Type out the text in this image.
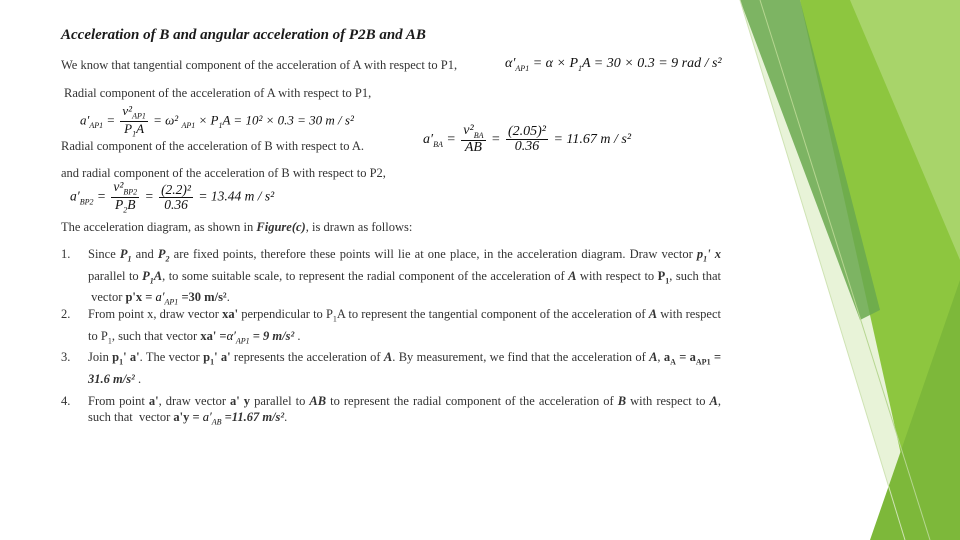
Acceleration of B and angular acceleration of P2B and AB
We know that tangential component of the acceleration of A with respect to P1,	$\alpha'_{AP1} = \alpha \times P_1A = 30 \times 0.3 = 9$ rad / s²
Radial component of the acceleration of A with respect to P1,
$a'_{AP1} = \frac{v^2_{AP1}}{P_1A} = \omega^2$ $_{AP1} \times P_1A = 10^2 \times 0.3 = 30$ m / s²
Radial component of the acceleration of B with respect to A.	$a'_{BA} = \frac{v^2_{BA}}{AB} = \frac{\text{(2.05)²}}{0.36} = 11.67$ m / s²
and radial component of the acceleration of B with respect to P2,
$a'_{BP2} = \frac{v^2_{BP2}}{P_2B} = \frac{\text{(2.2)²}}{0.36} = 13.44$ m / s²
The acceleration diagram, as shown in Figure(c), is drawn as follows:
1. Since $P_1$ and $P_2$ are fixed points, therefore these points will lie at one place, in the acceleration diagram. Draw vector $p_1'$ x parallel to $P_1A$, to some suitable scale, to represent the radial component of the acceleration of A with respect to $P_1$, such that  vector $p'x = a'_{AP1} =30$ m/s².
2. From point x, draw vector xa' perpendicular to $P_1A$ to represent the tangential component of the acceleration of A with respect to $P_1$, such that vector $xa' =\alpha'_{AP1} = 9$ m/s² .
3. Join $p_1'$ a'. The vector $p_1'$ a' represents the acceleration of A. By measurement, we find that the acceleration of A, $a_A = a_{AP1} = 31.6$ m/s² .
4. From point a', draw vector a' y parallel to AB to represent the radial component of the acceleration of B with respect to A, such that  vector $a'y = a'_{AB} =11.67$ m/s².
